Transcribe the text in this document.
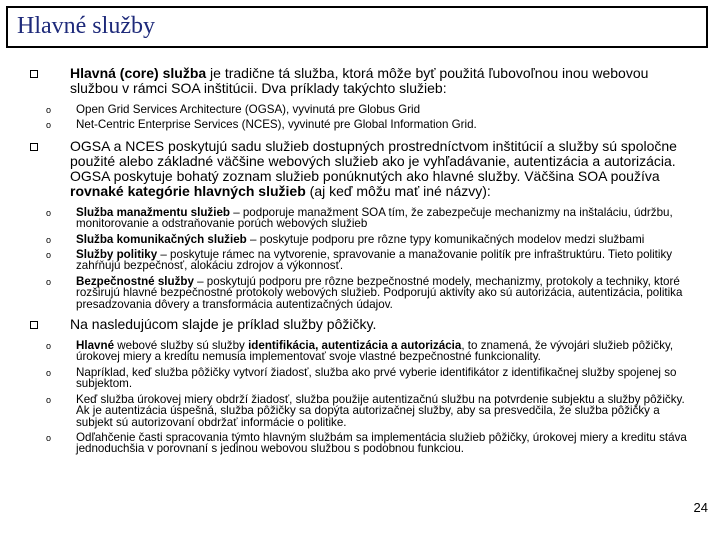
Hlavné služby
Hlavná (core) služba je tradične tá služba, ktorá môže byť použitá ľubovoľnou inou webovou službou v rámci SOA inštitúcii. Dva príklady takýchto služieb:
o Open Grid Services Architecture (OGSA), vyvinutá pre Globus Grid
o Net-Centric Enterprise Services (NCES), vyvinuté pre Global Information Grid.
OGSA a NCES poskytujú sadu služieb dostupných prostredníctvom inštitúcií a služby sú spoločne použité alebo základné väčšine webových služieb ako je vyhľadávanie, autentizácia a autorizácia. OGSA poskytuje bohatý zoznam služieb ponúknutých ako hlavné služby. Väčšina SOA používa rovnaké kategórie hlavných služieb (aj keď môžu mať iné názvy):
o Služba manažmentu služieb – podporuje manažment SOA tím, že zabezpečuje mechanizmy na inštaláciu, údržbu, monitorovanie a odstraňovanie porúch webových služieb
o Služba komunikačných služieb – poskytuje podporu pre rôzne typy komunikačných modelov medzi službami
o Služby politiky – poskytuje rámec na vytvorenie, spravovanie a manažovanie politík pre infraštruktúru. Tieto politiky zahŕňujú bezpečnosť, alokáciu zdrojov a výkonnosť.
o Bezpečnostné služby – poskytujú podporu pre rôzne bezpečnostné modely, mechanizmy, protokoly a techniky, ktoré rozširujú hlavné bezpečnostné protokoly webových služieb. Podporujú aktivity ako sú autorizácia, autentizácia, politika presadzovania dôvery a transformácia autentizačných údajov.
Na nasledujúcom slajde je príklad služby pôžičky.
o Hlavné webové služby sú služby identifikácia, autentizácia a autorizácia, to znamená, že vývojári služieb pôžičky, úrokovej miery a kreditu nemusia implementovať svoje vlastné bezpečnostné funkcionality.
o Napríklad, keď služba pôžičky vytvorí žiadosť, služba ako prvé vyberie identifikátor z identifikačnej služby spojenej so subjektom.
o Keď služba úrokovej miery obdrží žiadosť, služba použije autentizačnú službu na potvrdenie subjektu a služby pôžičky. Ak je autentizácia úspešná, služba pôžičky sa dopýta autorizačnej služby, aby sa presvedčila, že služba pôžičky a subjekt sú autorizovaní obdržať informácie o politike.
o Odľahčenie časti spracovania týmto hlavným službám sa implementácia služieb pôžičky, úrokovej miery a kreditu stáva jednoduchšia v porovnaní s jedinou webovou službou s podobnou funkciou.
24
